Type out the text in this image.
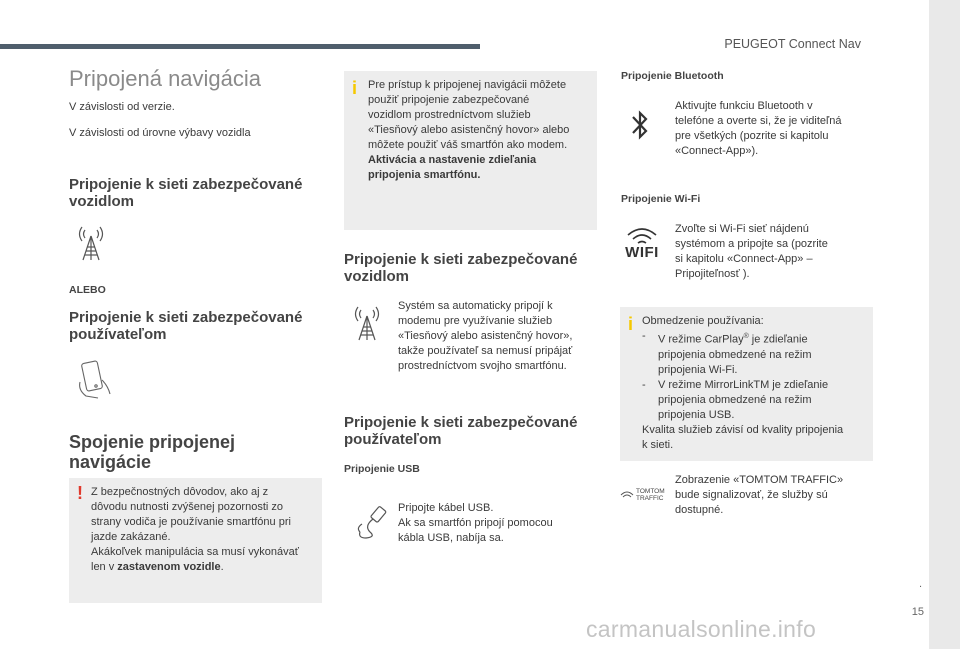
PEUGEOT Connect Nav
.
15
carmanualsonline.info
Pripojená navigácia
V závislosti od verzie.
V závislosti od úrovne výbavy vozidla
Pripojenie k sieti zabezpečované vozidlom
ALEBO
Pripojenie k sieti zabezpečované používateľom
Spojenie pripojenej navigácie
! Z bezpečnostných dôvodov, ako aj z
dôvodu nutnosti zvýšenej pozornosti zo
strany vodiča je používanie smartfónu pri
jazde zakázané.
Akákoľvek manipulácia sa musí vykonávať
len v zastavenom vozidle.
i Pre prístup k pripojenej navigácii môžete
použiť pripojenie zabezpečované
vozidlom prostredníctvom služieb
«Tiesňový alebo asistenčný hovor» alebo
môžete použiť váš smartfón ako modem.
Aktivácia a nastavenie zdieľania
pripojenia smartfónu.
Pripojenie k sieti zabezpečované vozidlom
Systém sa automaticky pripojí k
modemu pre využívanie služieb
«Tiesňový alebo asistenčný hovor»,
takže používateľ sa nemusí pripájať
prostredníctvom svojho smartfónu.
Pripojenie k sieti zabezpečované používateľom
Pripojenie USB
Pripojte kábel USB.
Ak sa smartfón pripojí pomocou
kábla USB, nabíja sa.
Pripojenie Bluetooth
Aktivujte funkciu Bluetooth v
telefóne a overte si, že je viditeľná
pre všetkých (pozrite si kapitolu
«Connect-App»).
Pripojenie Wi-Fi
WIFI
Zvoľte si Wi-Fi sieť nájdenú
systémom a pripojte sa (pozrite
si kapitolu «Connect-App» –
Pripojiteľnosť ).
i Obmedzenie používania:
-	V režime CarPlay® je zdieľanie
pripojenia obmedzené na režim
pripojenia Wi-Fi.
-	V režime MirrorLinkTM je zdieľanie
pripojenia obmedzené na režim
pripojenia USB.
Kvalita služieb závisí od kvality pripojenia
k sieti.
TOMTOM
TRAFFIC
Zobrazenie «TOMTOM TRAFFIC»
bude signalizovať, že služby sú
dostupné.
